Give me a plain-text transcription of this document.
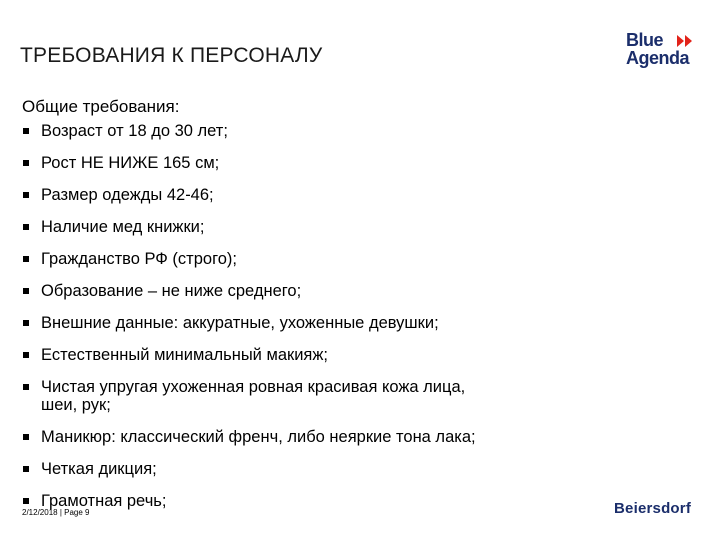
ТРЕБОВАНИЯ К ПЕРСОНАЛУ
Blue
Agenda
Общие требования:
Возраст от 18 до 30 лет;
Рост НЕ НИЖЕ 165 см;
Размер одежды 42-46;
Наличие мед книжки;
Гражданство РФ (строго);
Образование – не ниже среднего;
Внешние данные: аккуратные, ухоженные девушки;
Естественный минимальный макияж;
Чистая упругая ухоженная ровная красивая кожа лица, шеи, рук;
Маникюр: классический френч, либо неяркие тона лака;
Четкая дикция;
Грамотная речь;
2/12/2018 | Page 9	Beiersdorf
